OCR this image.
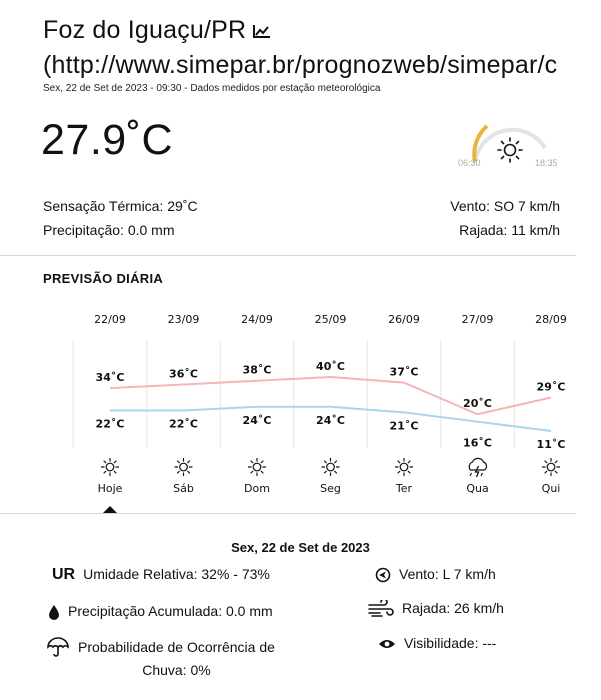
Foz do Iguaçu/PR
(http://www.simepar.br/prognozweb/simepar/c
Sex, 22 de Set de 2023 - 09:30 - Dados medidos por estação meteorológica
27.9˚C	06:30	18:35
Sensação Térmica: 29˚C
Precipitação: 0.0 mm
Vento: SO 7 km/h
Rajada: 11 km/h
PREVISÃO DIÁRIA
Sex, 22 de Set de 2023
UR Umidade Relativa: 32% - 73%
Precipitação Acumulada: 0.0 mm
Probabilidade de Ocorrência de
Chuva: 0%
Vento: L 7 km/h
Rajada: 26 km/h
Visibilidade: ---
